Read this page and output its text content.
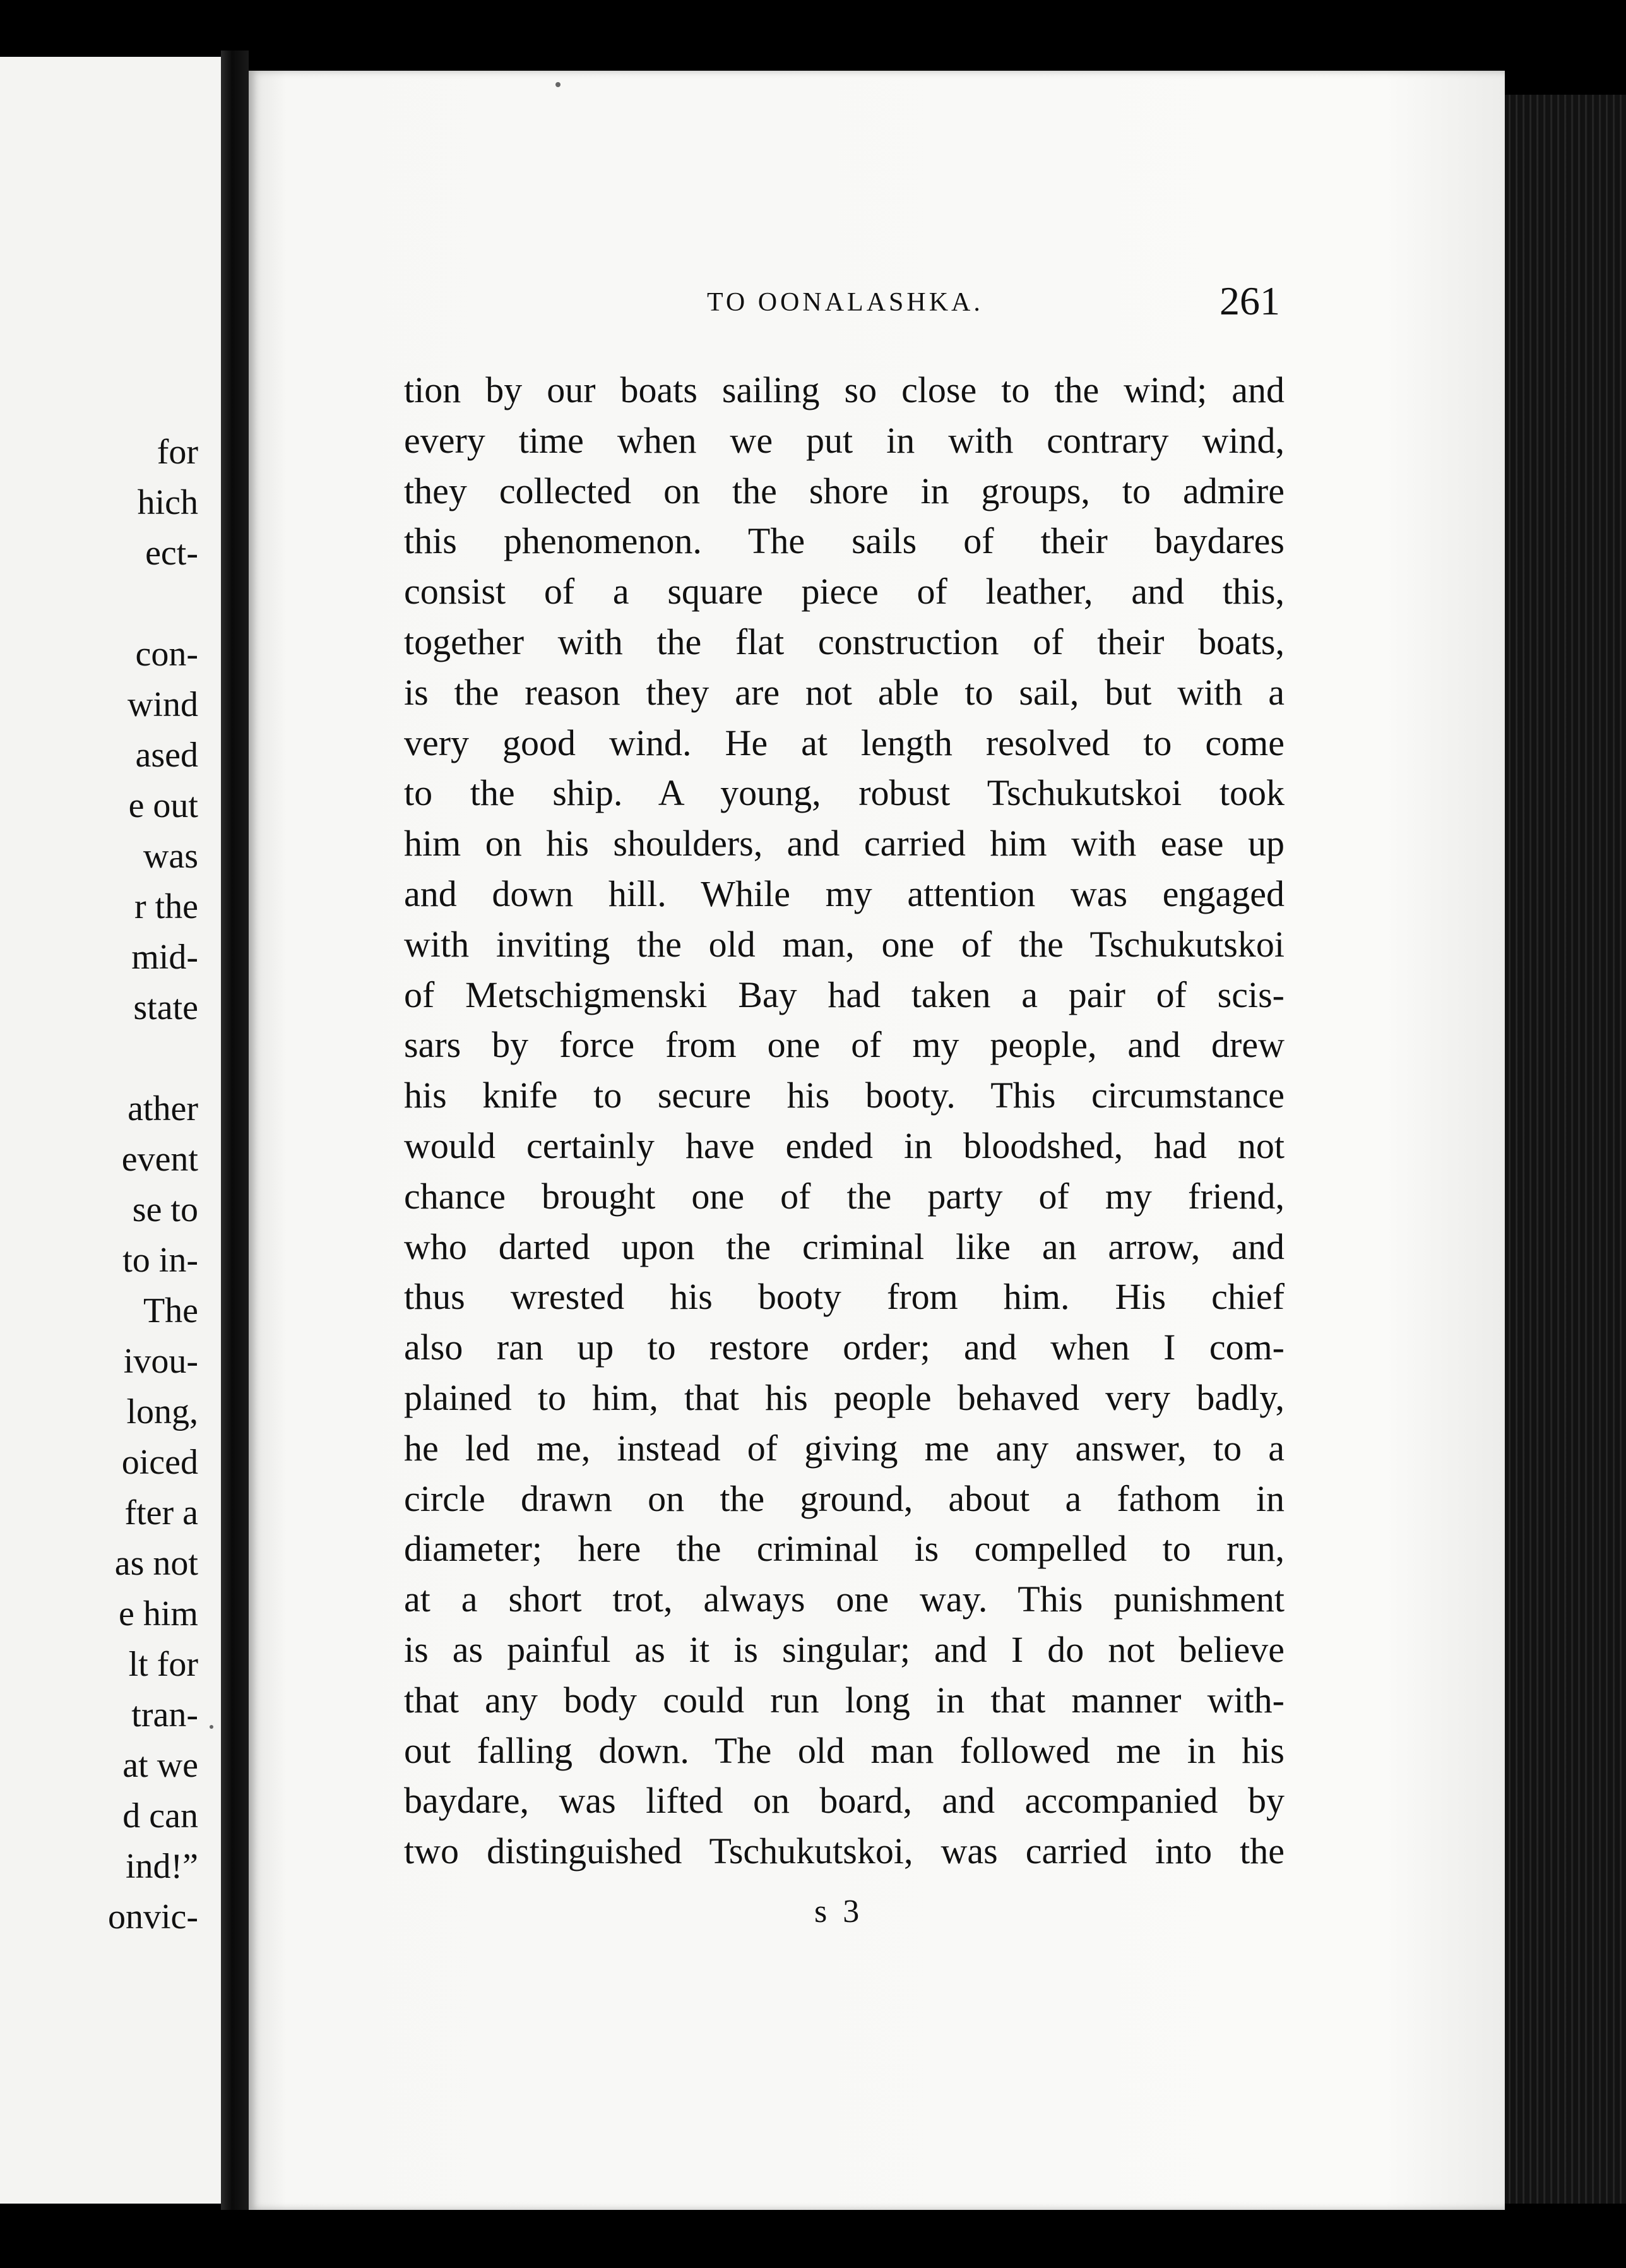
for
hich
ect-
con-
wind
ased
e out
was
r the
mid-
state
ather
event
se to
to in-
The
ivou-
long,
oiced
fter a
as not
e him
lt for
tran-
at we
d can
ind!”
onvic-
TO OONALASHKA.	261
tion by our boats sailing so close to the wind; and
every time when we put in with contrary wind,
they collected on the shore in groups, to admire
this phenomenon. The sails of their baydares
consist of a square piece of leather, and this,
together with the flat construction of their boats,
is the reason they are not able to sail, but with a
very good wind. He at length resolved to come
to the ship. A young, robust Tschukutskoi took
him on his shoulders, and carried him with ease up
and down hill. While my attention was engaged
with inviting the old man, one of the Tschukutskoi
of Metschigmenski Bay had taken a pair of scis-
sars by force from one of my people, and drew
his knife to secure his booty. This circumstance
would certainly have ended in bloodshed, had not
chance brought one of the party of my friend,
who darted upon the criminal like an arrow, and
thus wrested his booty from him. His chief
also ran up to restore order; and when I com-
plained to him, that his people behaved very badly,
he led me, instead of giving me any answer, to a
circle drawn on the ground, about a fathom in
diameter; here the criminal is compelled to run,
at a short trot, always one way. This punishment
is as painful as it is singular; and I do not believe
that any body could run long in that manner with-
out falling down. The old man followed me in his
baydare, was lifted on board, and accompanied by
two distinguished Tschukutskoi, was carried into the
s 3
